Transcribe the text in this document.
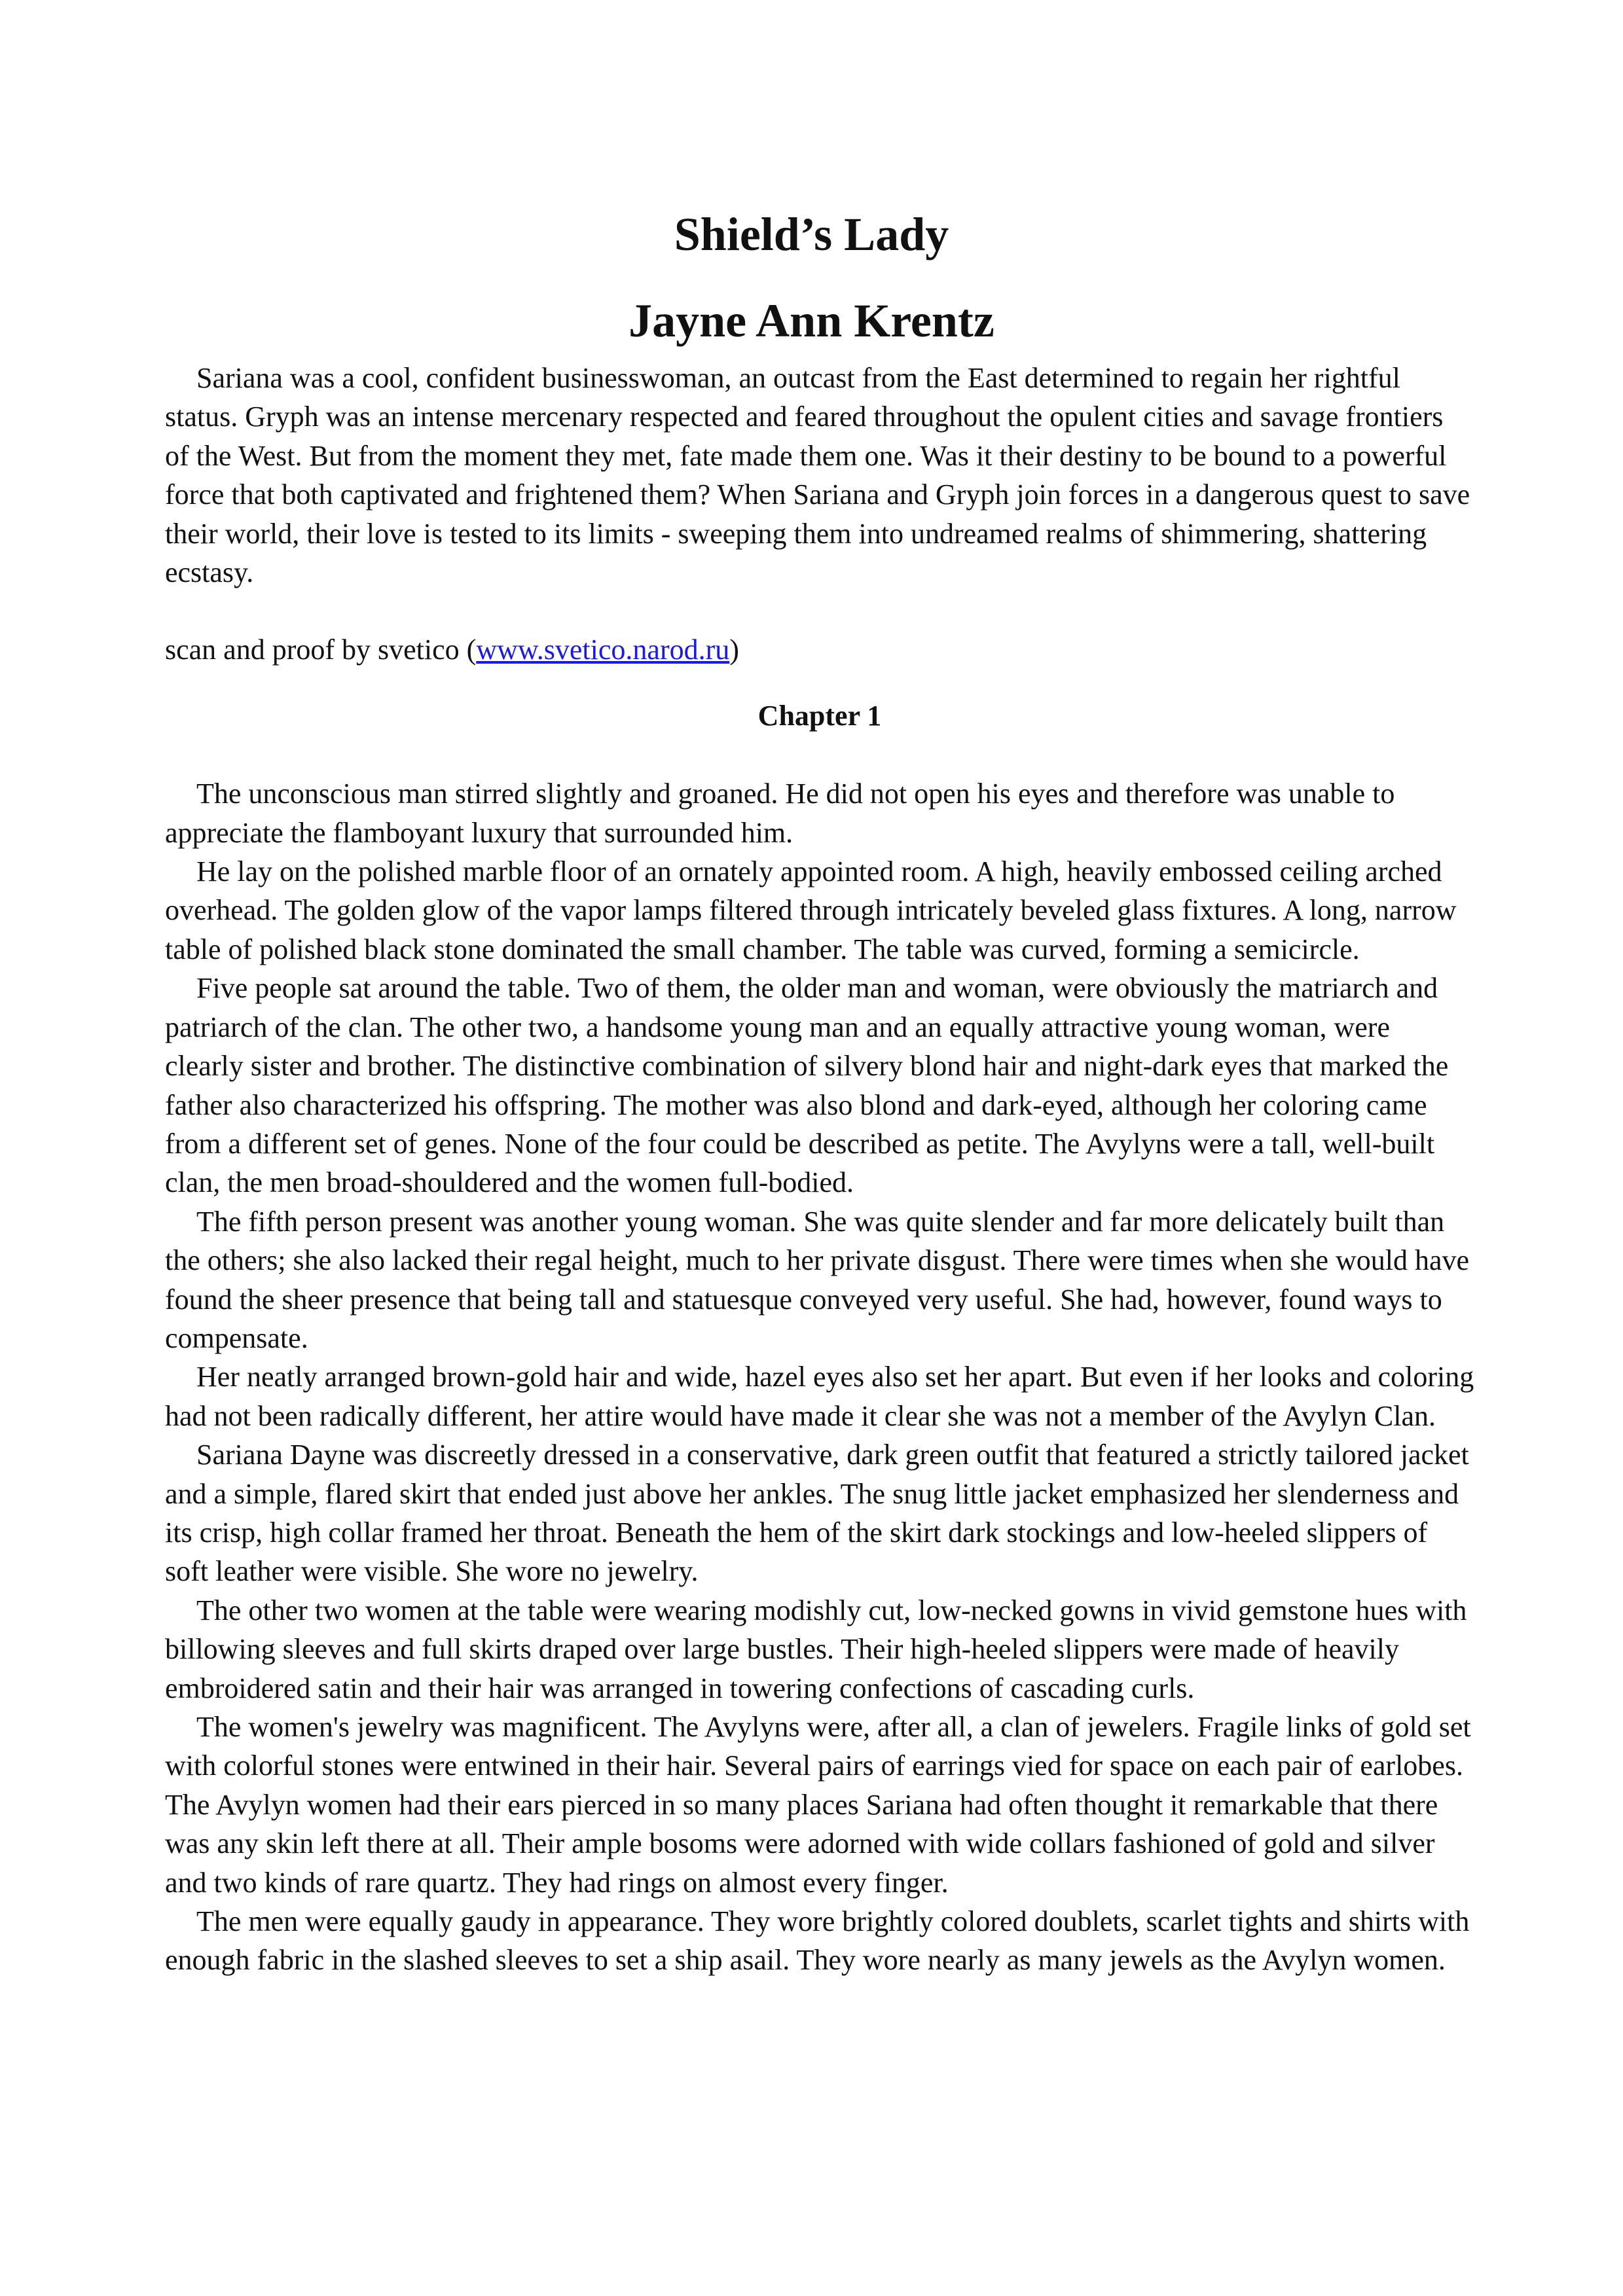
Shield’s Lady
Jayne Ann Krentz

Sariana was a cool, confident businesswoman, an outcast from the East determined to regain her rightful status. Gryph was an intense mercenary respected and feared throughout the opulent cities and savage frontiers of the West. But from the moment they met, fate made them one. Was it their destiny to be bound to a powerful force that both captivated and frightened them? When Sariana and Gryph join forces in a dangerous quest to save their world, their love is tested to its limits - sweeping them into undreamed realms of shimmering, shattering ecstasy.

scan and proof by svetico (www.svetico.narod.ru)

Chapter 1

The unconscious man stirred slightly and groaned. He did not open his eyes and therefore was unable to appreciate the flamboyant luxury that surrounded him.

He lay on the polished marble floor of an ornately appointed room. A high, heavily embossed ceiling arched overhead. The golden glow of the vapor lamps filtered through intricately beveled glass fixtures. A long, narrow table of polished black stone dominated the small chamber. The table was curved, forming a semicircle.

Five people sat around the table. Two of them, the older man and woman, were obviously the matriarch and patriarch of the clan. The other two, a handsome young man and an equally attractive young woman, were clearly sister and brother. The distinctive combination of silvery blond hair and night-dark eyes that marked the father also characterized his offspring. The mother was also blond and dark-eyed, although her coloring came from a different set of genes. None of the four could be described as petite. The Avylyns were a tall, well-built clan, the men broad-shouldered and the women full-bodied.

The fifth person present was another young woman. She was quite slender and far more delicately built than the others; she also lacked their regal height, much to her private disgust. There were times when she would have found the sheer presence that being tall and statuesque conveyed very useful. She had, however, found ways to compensate.

Her neatly arranged brown-gold hair and wide, hazel eyes also set her apart. But even if her looks and coloring had not been radically different, her attire would have made it clear she was not a member of the Avylyn Clan.

Sariana Dayne was discreetly dressed in a conservative, dark green outfit that featured a strictly tailored jacket and a simple, flared skirt that ended just above her ankles. The snug little jacket emphasized her slenderness and its crisp, high collar framed her throat. Beneath the hem of the skirt dark stockings and low-heeled slippers of soft leather were visible. She wore no jewelry.

The other two women at the table were wearing modishly cut, low-necked gowns in vivid gemstone hues with billowing sleeves and full skirts draped over large bustles. Their high-heeled slippers were made of heavily embroidered satin and their hair was arranged in towering confections of cascading curls.

The women's jewelry was magnificent. The Avylyns were, after all, a clan of jewelers. Fragile links of gold set with colorful stones were entwined in their hair. Several pairs of earrings vied for space on each pair of earlobes. The Avylyn women had their ears pierced in so many places Sariana had often thought it remarkable that there was any skin left there at all. Their ample bosoms were adorned with wide collars fashioned of gold and silver and two kinds of rare quartz. They had rings on almost every finger.

The men were equally gaudy in appearance. They wore brightly colored doublets, scarlet tights and shirts with enough fabric in the slashed sleeves to set a ship asail. They wore nearly as many jewels as the Avylyn women.
